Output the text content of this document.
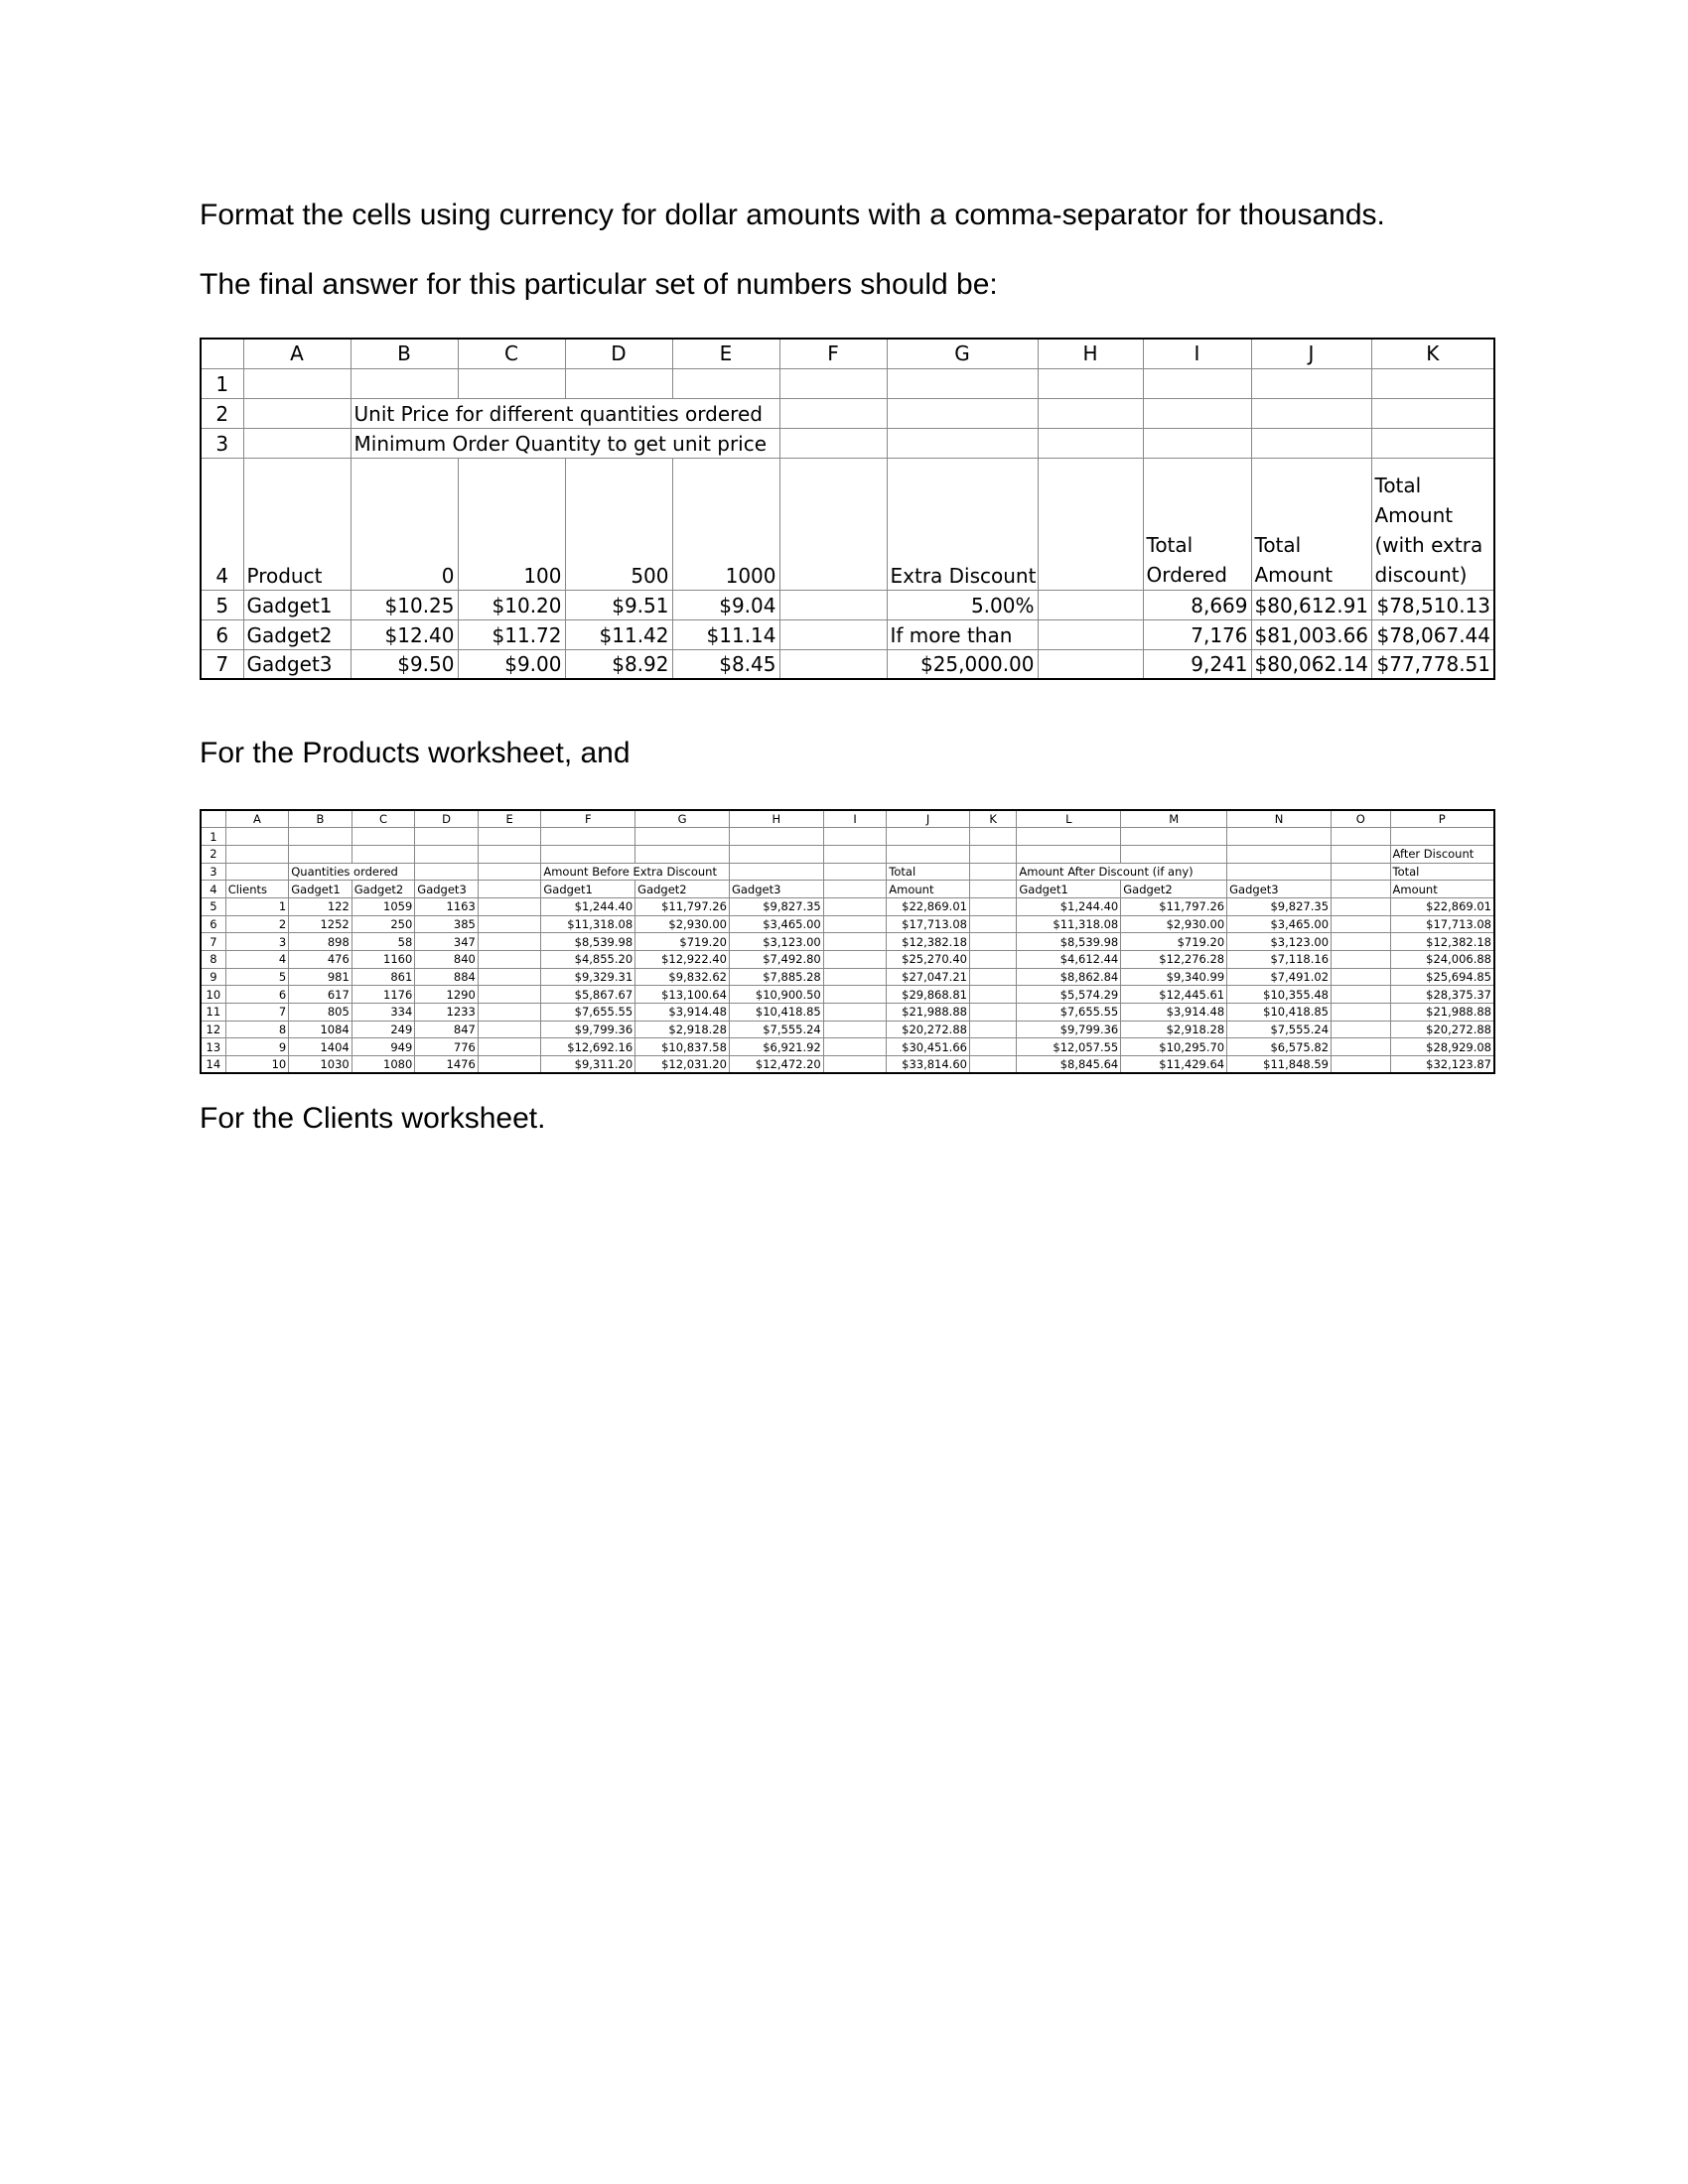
Format the cells using currency for dollar amounts with a comma-separator for thousands.

The final answer for this particular set of numbers should be:

	A	B	C	D	E	F	G	H	I	J	K
1											
2		Unit Price for different quantities ordered									
3		Minimum Order Quantity to get unit price									
4	Product	0	100	500	1000		Extra Discount		Total Ordered	Total Amount	Total Amount (with extra discount)
5	Gadget1	$10.25	$10.20	$9.51	$9.04		5.00%		8,669	$80,612.91	$78,510.13
6	Gadget2	$12.40	$11.72	$11.42	$11.14		If more than		7,176	$81,003.66	$78,067.44
7	Gadget3	$9.50	$9.00	$8.92	$8.45		$25,000.00		9,241	$80,062.14	$77,778.51

For the Products worksheet, and

	A	B	C	D	E	F	G	H	I	J	K	L	M	N	O	P
1																
2																After Discount
3		Quantities ordered				Amount Before Extra Discount				Total		Amount After Discount (if any)				Total
4	Clients	Gadget1	Gadget2	Gadget3		Gadget1	Gadget2	Gadget3		Amount		Gadget1	Gadget2	Gadget3		Amount
5	1	122	1059	1163		$1,244.40	$11,797.26	$9,827.35		$22,869.01		$1,244.40	$11,797.26	$9,827.35		$22,869.01
6	2	1252	250	385		$11,318.08	$2,930.00	$3,465.00		$17,713.08		$11,318.08	$2,930.00	$3,465.00		$17,713.08
7	3	898	58	347		$8,539.98	$719.20	$3,123.00		$12,382.18		$8,539.98	$719.20	$3,123.00		$12,382.18
8	4	476	1160	840		$4,855.20	$12,922.40	$7,492.80		$25,270.40		$4,612.44	$12,276.28	$7,118.16		$24,006.88
9	5	981	861	884		$9,329.31	$9,832.62	$7,885.28		$27,047.21		$8,862.84	$9,340.99	$7,491.02		$25,694.85
10	6	617	1176	1290		$5,867.67	$13,100.64	$10,900.50		$29,868.81		$5,574.29	$12,445.61	$10,355.48		$28,375.37
11	7	805	334	1233		$7,655.55	$3,914.48	$10,418.85		$21,988.88		$7,655.55	$3,914.48	$10,418.85		$21,988.88
12	8	1084	249	847		$9,799.36	$2,918.28	$7,555.24		$20,272.88		$9,799.36	$2,918.28	$7,555.24		$20,272.88
13	9	1404	949	776		$12,692.16	$10,837.58	$6,921.92		$30,451.66		$12,057.55	$10,295.70	$6,575.82		$28,929.08
14	10	1030	1080	1476		$9,311.20	$12,031.20	$12,472.20		$33,814.60		$8,845.64	$11,429.64	$11,848.59		$32,123.87

For the Clients worksheet.
